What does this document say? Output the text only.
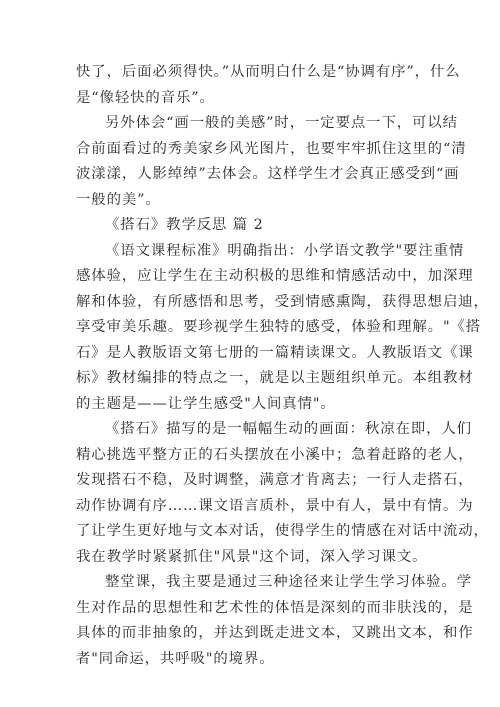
快了，后面必须得快。”从而明白什么是“协调有序”，什么
是“像轻快的音乐”。

另外体会“画一般的美感”时，一定要点一下，可以结
合前面看过的秀美家乡风光图片，也要牢牢抓住这里的“清
波漾漾，人影绰绰”去体会。这样学生才会真正感受到“画
一般的美”。

《搭石》教学反思 篇 2

《语文课程标准》明确指出：小学语文教学"要注重情
感体验，应让学生在主动积极的思维和情感活动中，加深理
解和体验，有所感悟和思考，受到情感熏陶，获得思想启迪，
享受审美乐趣。要珍视学生独特的感受，体验和理解。"《搭
石》是人教版语文第七册的一篇精读课文。人教版语文《课
标》教材编排的特点之一，就是以主题组织单元。本组教材
的主题是——让学生感受"人间真情"。

《搭石》描写的是一幅幅生动的画面：秋凉在即，人们
精心挑选平整方正的石头摆放在小溪中；急着赶路的老人，
发现搭石不稳，及时调整，满意才肯离去；一行人走搭石，
动作协调有序……课文语言质朴，景中有人，景中有情。为
了让学生更好地与文本对话，使得学生的情感在对话中流动，
我在教学时紧紧抓住"风景"这个词，深入学习课文。

整堂课，我主要是通过三种途径来让学生学习体验。学
生对作品的思想性和艺术性的体悟是深刻的而非肤浅的，是
具体的而非抽象的，并达到既走进文本，又跳出文本，和作
者"同命运，共呼吸"的境界。
